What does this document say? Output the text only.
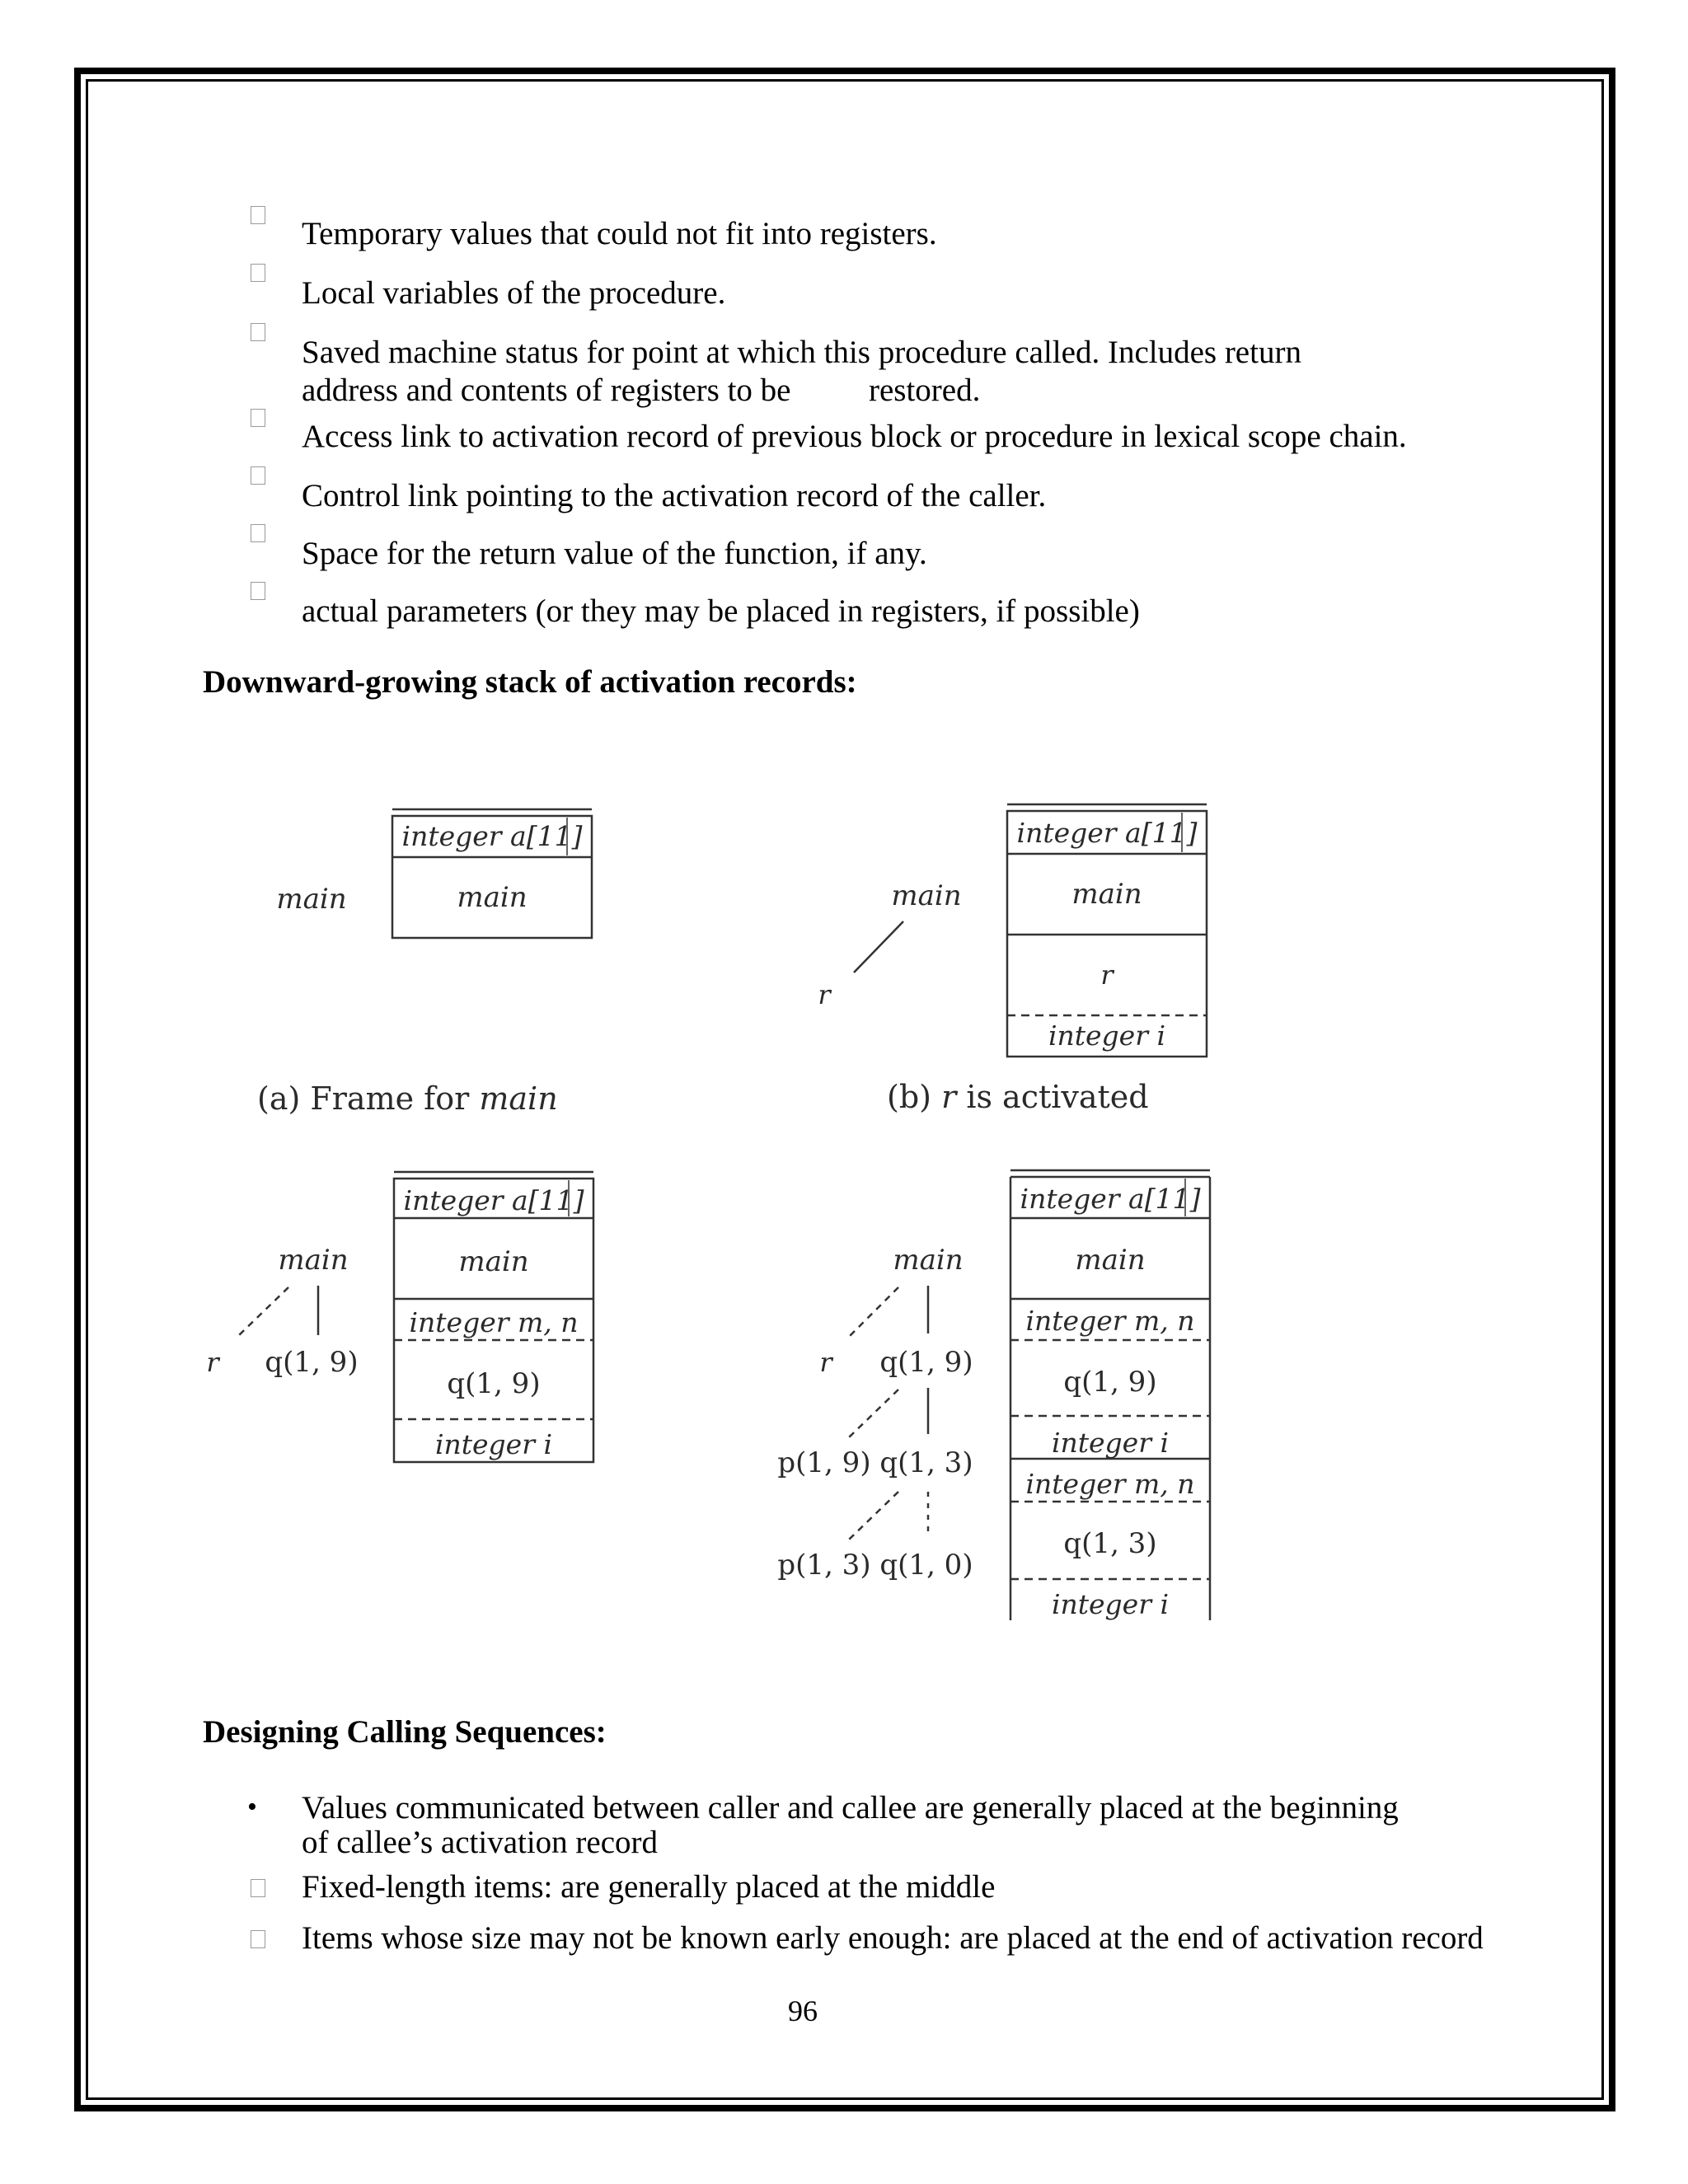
Temporary values that could not fit into registers.
Local variables of the procedure.
Saved machine status for point at which this procedure called. Includes return
address and contents of registers to be restored.
Access link to activation record of previous block or procedure in lexical scope chain.
Control link pointing to the activation record of the caller.
Space for the return value of the function, if any.
actual parameters (or they may be placed in registers, if possible)
Downward-growing stack of activation records:
integer a[11]
main
main
(a) Frame for main
integer a[11]
main
r
integer i
main
r
(b) r is activated
integer a[11]
main
integer m, n
q(1, 9)
integer i
main
r q(1, 9)
integer a[11]
main
integer m, n
q(1, 9)
integer i
integer m, n
q(1, 3)
integer i
main
r q(1, 9)
p(1, 9) q(1, 3)
p(1, 3) q(1, 0)
Designing Calling Sequences:
• Values communicated between caller and callee are generally placed at the beginning
of callee’s activation record
Fixed-length items: are generally placed at the middle
Items whose size may not be known early enough: are placed at the end of activation record
96
